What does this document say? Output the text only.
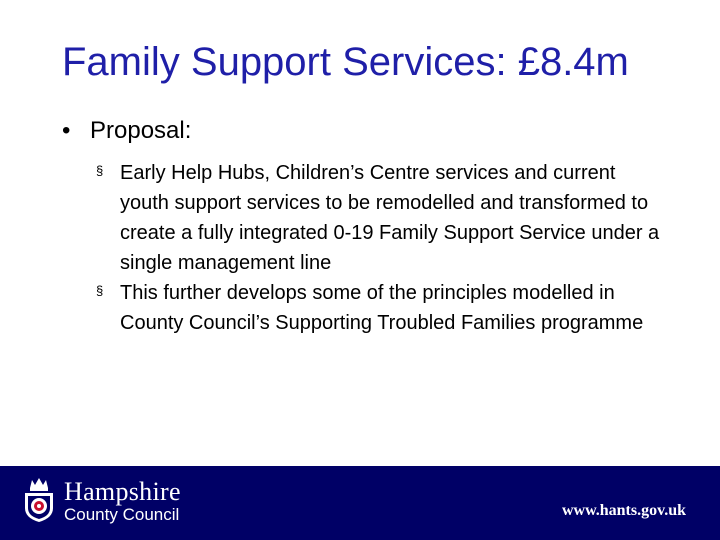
Family Support Services: £8.4m
• Proposal:
§ Early Help Hubs, Children’s Centre services and current youth support services to be remodelled and transformed to create a fully integrated 0-19 Family Support Service under a single management line
§ This further develops some of the principles modelled in County Council’s Supporting Troubled Families programme
Hampshire
County Council	www.hants.gov.uk
